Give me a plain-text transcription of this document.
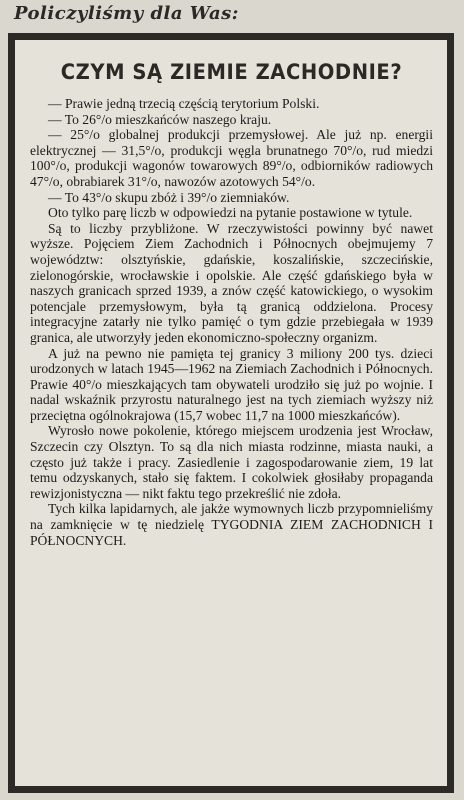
Policzyliśmy dla Was:
CZYM SĄ ZIEMIE ZACHODNIE?

— Prawie jedną trzecią częścią terytorium Polski.

— To 26°/o mieszkańców naszego kraju.

— 25°/o globalnej produkcji przemysłowej. Ale już np. energii elektrycznej — 31,5°/o, produkcji węgla brunatnego 70°/o, rud miedzi 100°/o, produkcji wagonów towarowych 89°/o, odbiorników radiowych 47°/o, obrabiarek 31°/o, nawozów azotowych 54°/o.

— To 43°/o skupu zbóż i 39°/o ziemniaków.

Oto tylko parę liczb w odpowiedzi na pytanie postawione w tytule.

Są to liczby przybliżone. W rzeczywistości powinny być nawet wyższe. Pojęciem Ziem Zachodnich i Północnych obejmujemy 7 województw: olsztyńskie, gdańskie, koszalińskie, szczecińskie, zielonogórskie, wrocławskie i opolskie. Ale część gdańskiego była w naszych granicach sprzed 1939, a znów część katowickiego, o wysokim potencjale przemysłowym, była tą granicą oddzielona. Procesy integracyjne zatarły nie tylko pamięć o tym gdzie przebiegała w 1939 granica, ale utworzyły jeden ekonomiczno-społeczny organizm.

A już na pewno nie pamięta tej granicy 3 miliony 200 tys. dzieci urodzonych w latach 1945—1962 na Ziemiach Zachodnich i Północnych. Prawie 40°/o mieszkających tam obywateli urodziło się już po wojnie. I nadal wskaźnik przyrostu naturalnego jest na tych ziemiach wyższy niż przeciętna ogólnokrajowa (15,7 wobec 11,7 na 1000 mieszkańców).

Wyrosło nowe pokolenie, którego miejscem urodzenia jest Wrocław, Szczecin czy Olsztyn. To są dla nich miasta rodzinne, miasta nauki, a często już także i pracy. Zasiedlenie i zagospodarowanie ziem, 19 lat temu odzyskanych, stało się faktem. I cokolwiek głosiłaby propaganda rewizjonistyczna — nikt faktu tego przekreślić nie zdoła.

Tych kilka lapidarnych, ale jakże wymownych liczb przypomnieliśmy na zamknięcie w tę niedzielę TYGODNIA ZIEM ZACHODNICH I PÓŁNOCNYCH.
